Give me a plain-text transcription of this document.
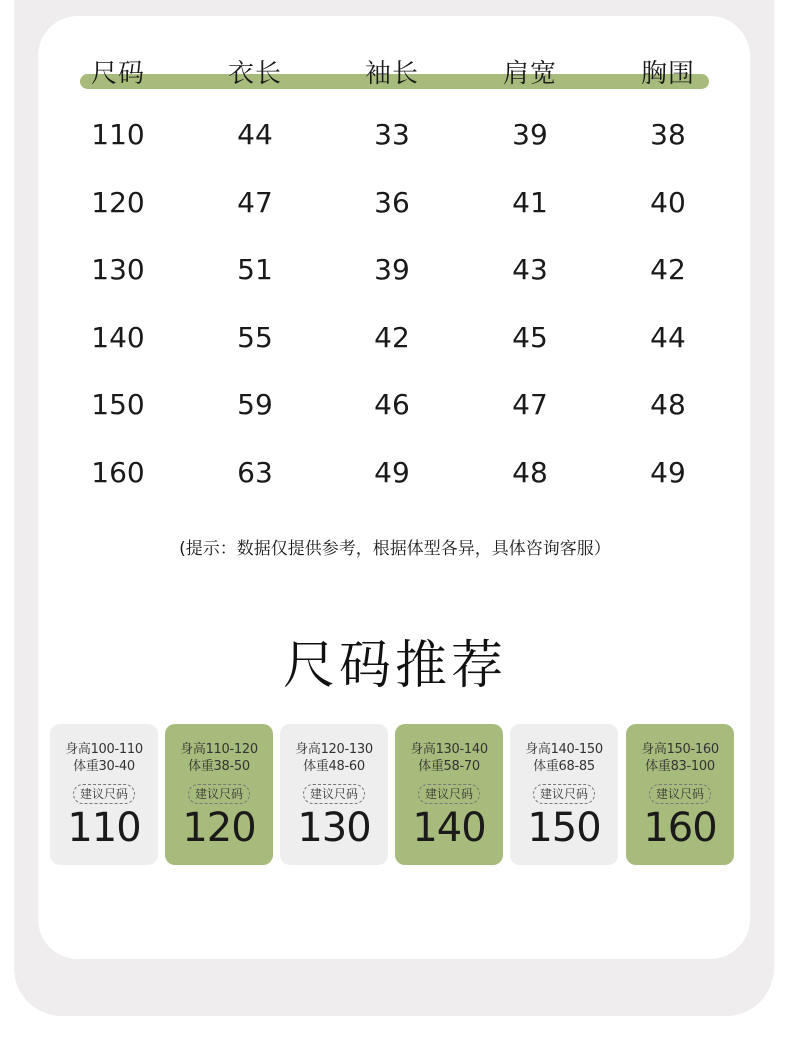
尺码	衣长	袖长	肩宽	胸围
110	44	33	39	38
120	47	36	41	40
130	51	39	43	42
140	55	42	45	44
150	59	46	47	48
160	63	49	48	49
(提示：数据仅提供参考，根据体型各异，具体咨询客服）
尺码推荐
身高100-110
体重30-40
建议尺码
110
身高110-120
体重38-50
建议尺码
120
身高120-130
体重48-60
建议尺码
130
身高130-140
体重58-70
建议尺码
140
身高140-150
体重68-85
建议尺码
150
身高150-160
体重83-100
建议尺码
160
